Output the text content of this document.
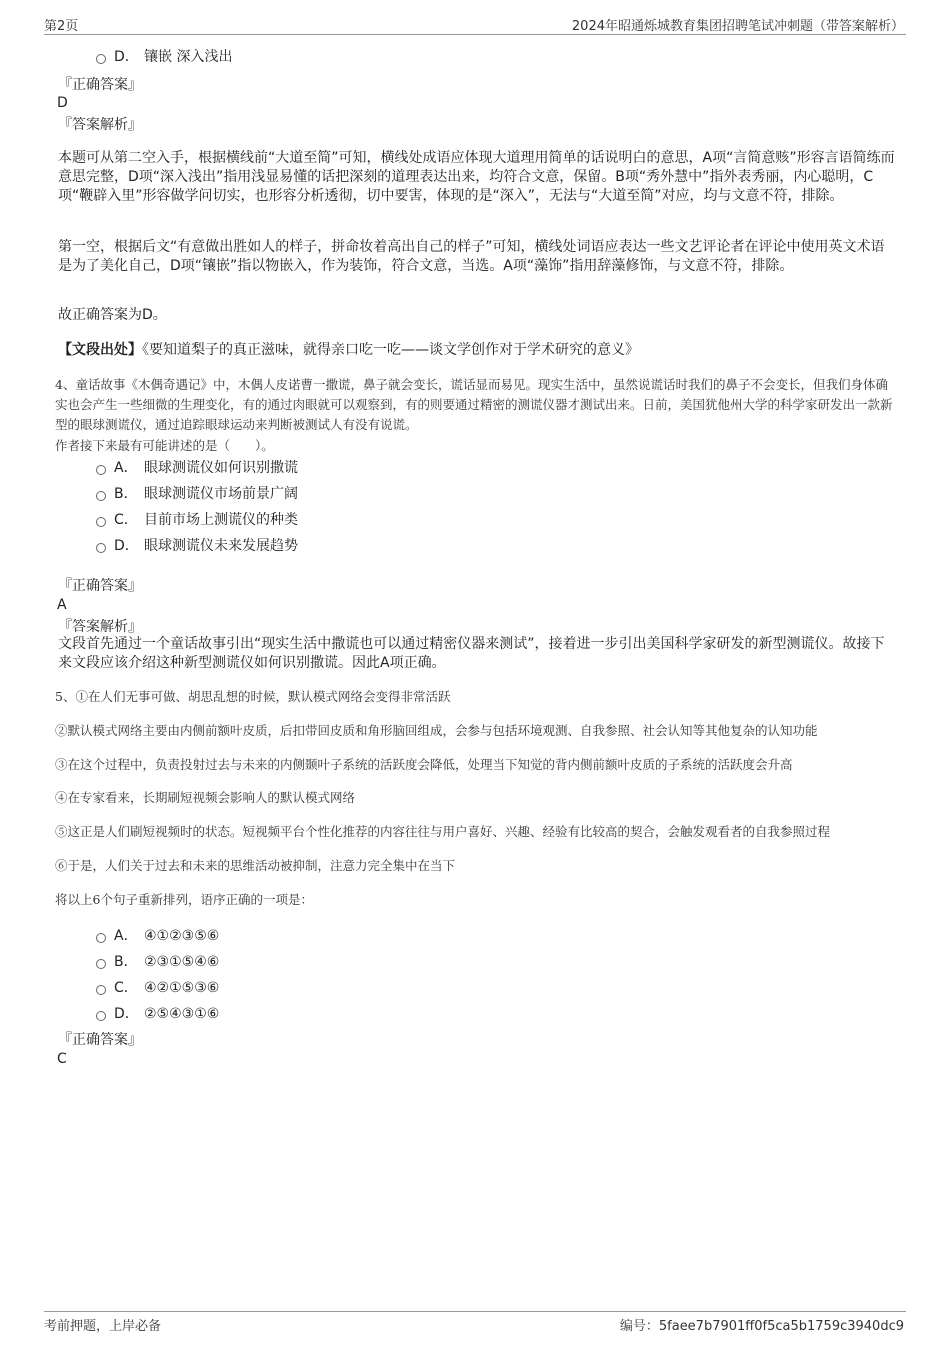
第2页	2024年昭通烁城教育集团招聘笔试冲刺题（带答案解析）
D． 镶嵌 深入浅出
『正确答案』
D
『答案解析』
本题可从第二空入手，根据横线前“大道至简”可知，横线处成语应体现大道理用简单的话说明白的意思，A项“言简意赅”形容言语简练而意思完整，D项“深入浅出”指用浅显易懂的话把深刻的道理表达出来，均符合文意，保留。B项“秀外慧中”指外表秀丽，内心聪明，C项“鞭辟入里”形容做学问切实，也形容分析透彻，切中要害，体现的是“深入”，无法与“大道至简”对应，均与文意不符，排除。
第一空，根据后文“有意做出胜如人的样子，拼命妆着高出自己的样子”可知，横线处词语应表达一些文艺评论者在评论中使用英文术语是为了美化自己，D项“镶嵌”指以物嵌入，作为装饰，符合文意，当选。A项“藻饰”指用辞藻修饰，与文意不符，排除。
故正确答案为D。
【文段出处】《要知道梨子的真正滋味，就得亲口吃一吃——谈文学创作对于学术研究的意义》
4、童话故事《木偶奇遇记》中，木偶人皮诺曹一撒谎，鼻子就会变长，谎话显而易见。现实生活中，虽然说谎话时我们的鼻子不会变长，但我们身体确实也会产生一些细微的生理变化，有的通过肉眼就可以观察到，有的则要通过精密的测谎仪器才测试出来。日前，美国犹他州大学的科学家研发出一款新型的眼球测谎仪，通过追踪眼球运动来判断被测试人有没有说谎。
作者接下来最有可能讲述的是（　　）。
A． 眼球测谎仪如何识别撒谎
B． 眼球测谎仪市场前景广阔
C． 目前市场上测谎仪的种类
D． 眼球测谎仪未来发展趋势
『正确答案』
A
『答案解析』
文段首先通过一个童话故事引出“现实生活中撒谎也可以通过精密仪器来测试”，接着进一步引出美国科学家研发的新型测谎仪。故接下来文段应该介绍这种新型测谎仪如何识别撒谎。因此A项正确。
5、①在人们无事可做、胡思乱想的时候，默认模式网络会变得非常活跃
②默认模式网络主要由内侧前额叶皮质，后扣带回皮质和角形脑回组成，会参与包括环境观测、自我参照、社会认知等其他复杂的认知功能
③在这个过程中，负责投射过去与未来的内侧颞叶子系统的活跃度会降低，处理当下知觉的背内侧前额叶皮质的子系统的活跃度会升高
④在专家看来，长期刷短视频会影响人的默认模式网络
⑤这正是人们刷短视频时的状态。短视频平台个性化推荐的内容往往与用户喜好、兴趣、经验有比较高的契合，会触发观看者的自我参照过程
⑥于是，人们关于过去和未来的思维活动被抑制，注意力完全集中在当下
将以上6个句子重新排列，语序正确的一项是：
A． ④①②③⑤⑥
B． ②③①⑤④⑥
C． ④②①⑤③⑥
D． ②⑤④③①⑥
『正确答案』
C
考前押题，上岸必备	编号：5faee7b7901ff0f5ca5b1759c3940dc9
